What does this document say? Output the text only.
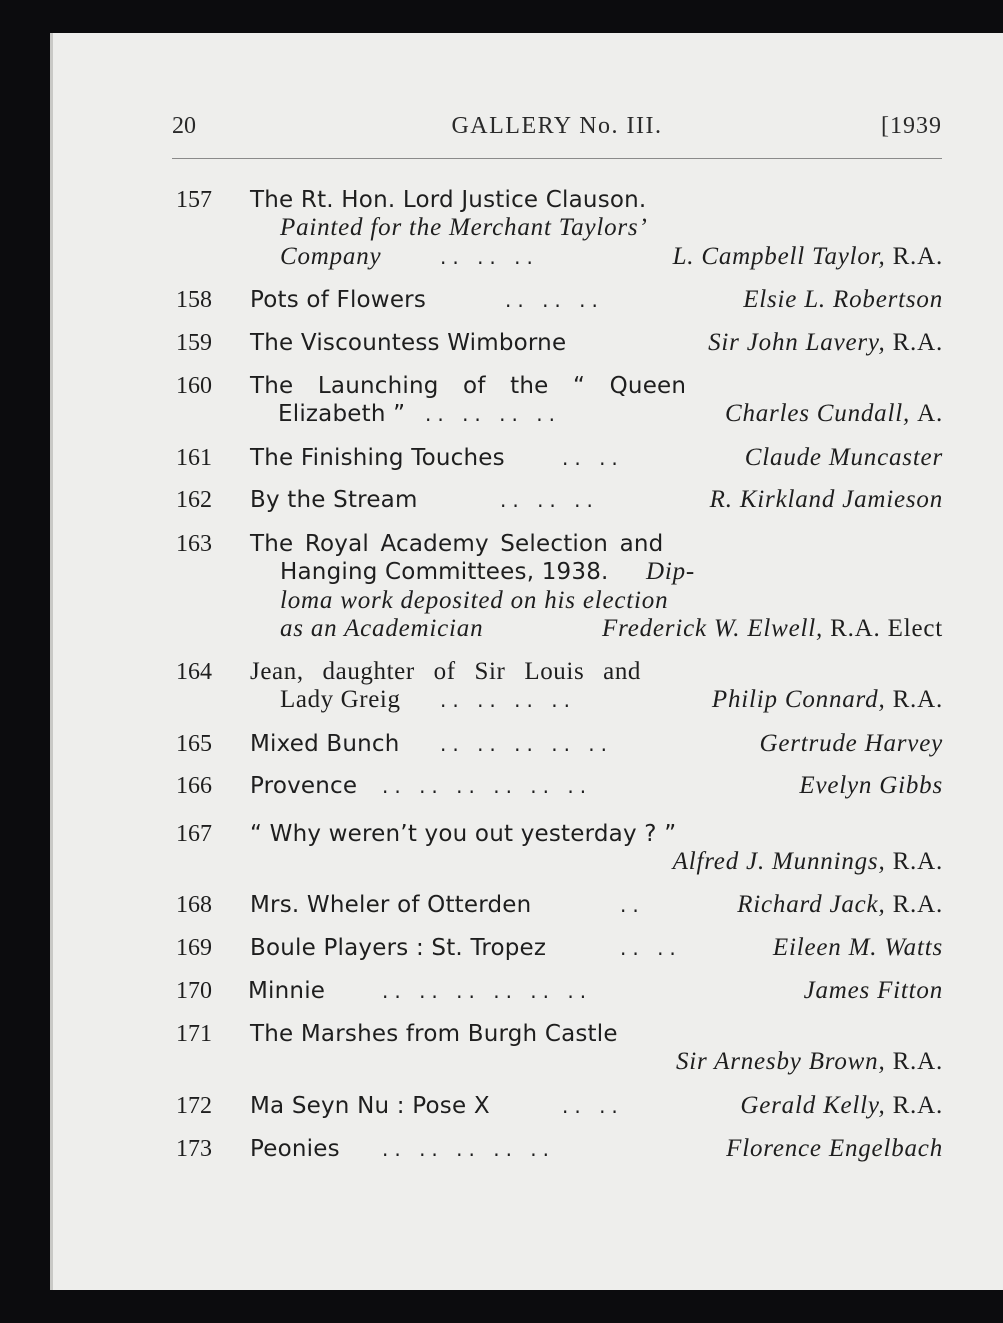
20	GALLERY No. III.	[1939
157 The Rt. Hon. Lord Justice Clauson.
Painted for the Merchant Taylors’
Company	.. .. ..	L. Campbell Taylor, R.A.
158 Pots of Flowers	.. .. ..	Elsie L. Robertson
159 The Viscountess Wimborne	Sir John Lavery, R.A.
160 The Launching of the “ Queen
Elizabeth ” .. .. .. ..	Charles Cundall, A.
161 The Finishing Touches	.. ..	Claude Muncaster
162 By the Stream	.. .. ..	R. Kirkland Jamieson
163 The Royal Academy Selection and
Hanging Committees, 1938. Dip-
loma work deposited on his election
as an Academician	Frederick W. Elwell, R.A. Elect
164 Jean, daughter of Sir Louis and
Lady Greig .. .. .. ..	Philip Connard, R.A.
165 Mixed Bunch .. .. .. .. ..	Gertrude Harvey
166 Provence .. .. .. .. .. ..	Evelyn Gibbs
167 “ Why weren’t you out yesterday ? ”
Alfred J. Munnings, R.A.
168 Mrs. Wheler of Otterden	..	Richard Jack, R.A.
169 Boule Players : St. Tropez	.. ..	Eileen M. Watts
170 Minnie	.. .. .. .. .. ..	James Fitton
171 The Marshes from Burgh Castle
Sir Arnesby Brown, R.A.
172 Ma Seyn Nu : Pose X	.. ..	Gerald Kelly, R.A.
173 Peonies .. .. .. .. ..	Florence Engelbach
